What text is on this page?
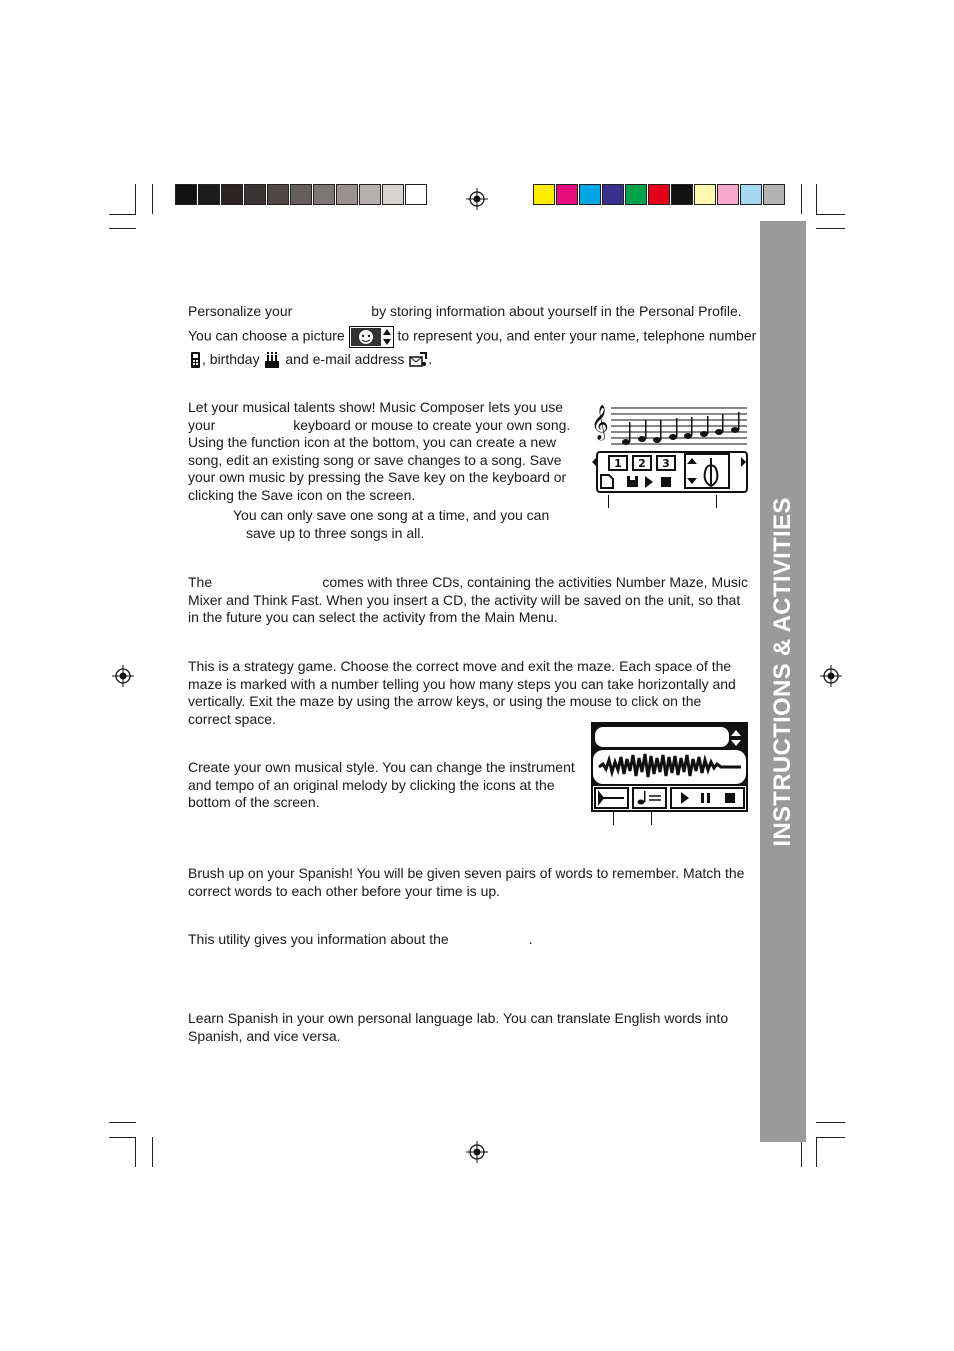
INSTRUCTIONS & ACTIVITIES
Personalize your	by storing information about yourself in the Personal Profile.
You can choose a picture	to represent you, and enter your name, telephone number
, birthday and e-mail address .
Let your musical talents show! Music Composer lets you use
your	keyboard or mouse to create your own song.
Using the function icon at the bottom, you can create a new
song, edit an existing song or save changes to a song. Save
your own music by pressing the Save key on the keyboard or
clicking the Save icon on the screen.
You can only save one song at a time, and you can
save up to three songs in all.
𝄞
1 2 3
The	comes with three CDs, containing the activities Number Maze, Music
Mixer and Think Fast. When you insert a CD, the activity will be saved on the unit, so that
in the future you can select the activity from the Main Menu.
This is a strategy game. Choose the correct move and exit the maze. Each space of the
maze is marked with a number telling you how many steps you can take horizontally and
vertically. Exit the maze by using the arrow keys, or using the mouse to click on the
correct space.
Create your own musical style. You can change the instrument
and tempo of an original melody by clicking the icons at the
bottom of the screen.
Brush up on your Spanish! You will be given seven pairs of words to remember. Match the
correct words to each other before your time is up.
This utility gives you information about the	.
Learn Spanish in your own personal language lab. You can translate English words into
Spanish, and vice versa.
